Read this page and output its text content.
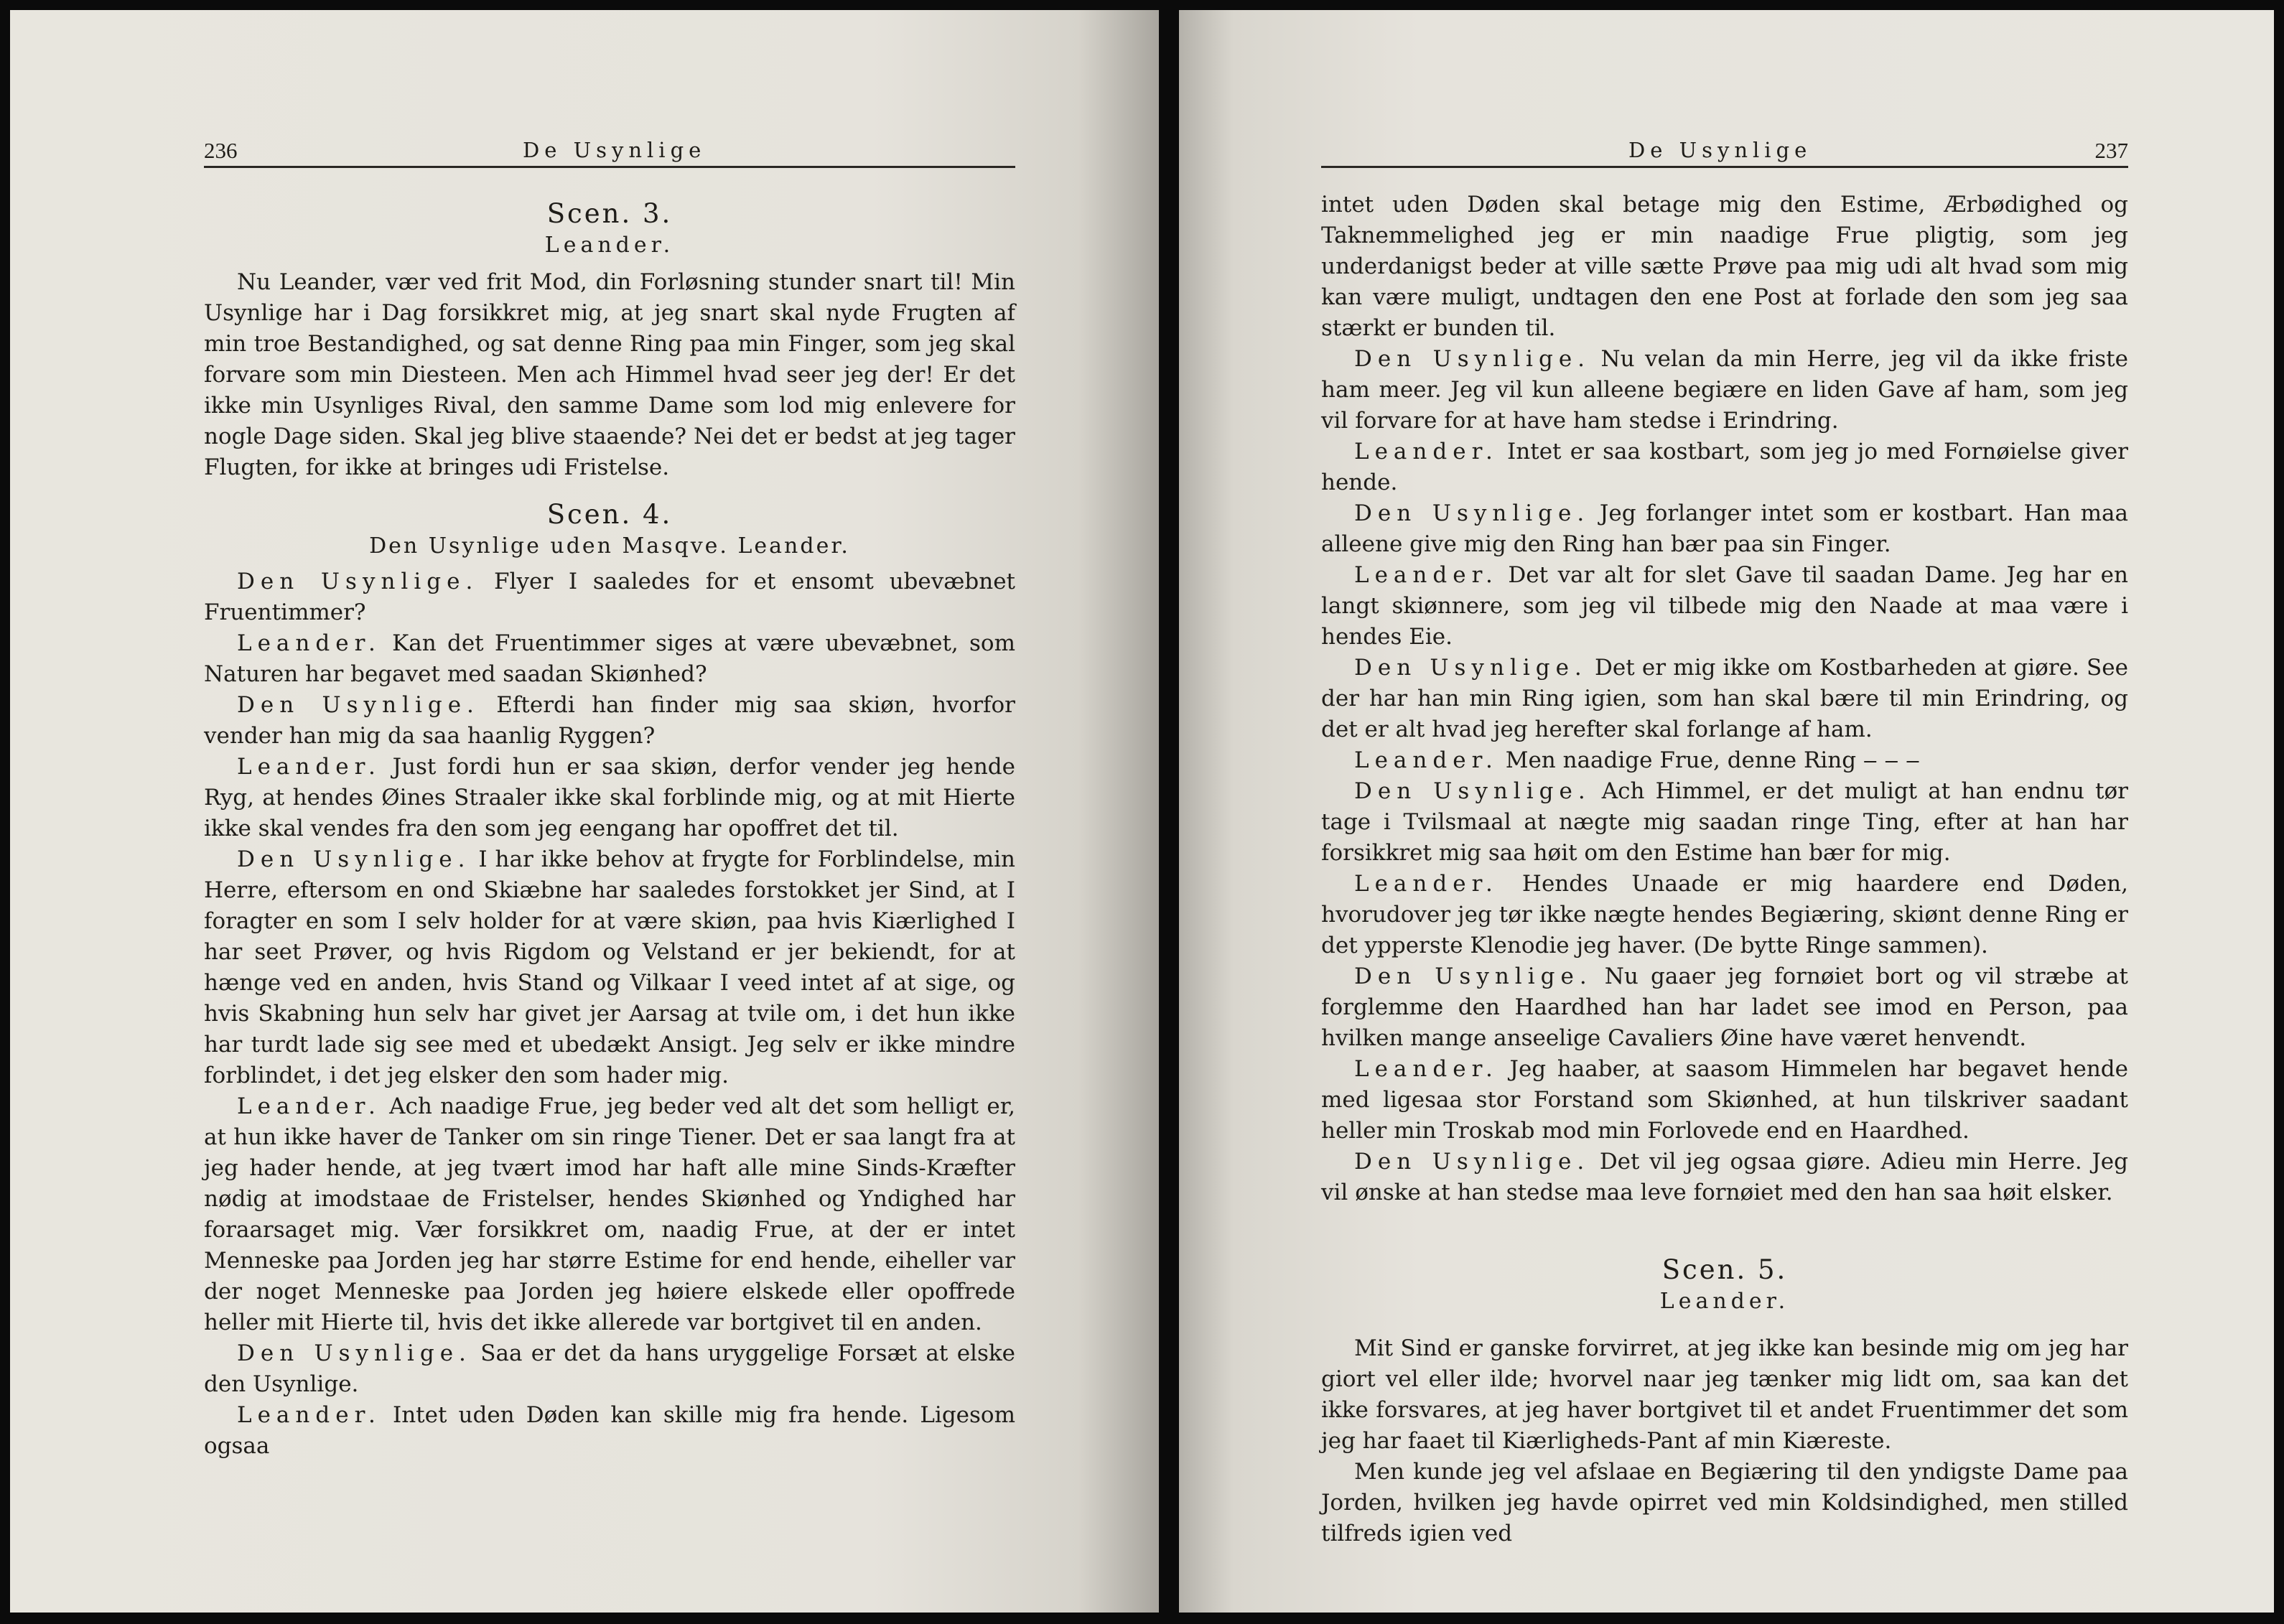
236	De Usynlige
Scen. 3.
Leander.

Nu Leander, vær ved frit Mod, din Forløsning stunder snart til! Min Usynlige har i Dag forsikkret mig, at jeg snart skal nyde Frugten af min troe Bestandighed, og sat denne Ring paa min Finger, som jeg skal forvare som min Diesteen. Men ach Himmel hvad seer jeg der! Er det ikke min Usynliges Rival, den samme Dame som lod mig enlevere for nogle Dage siden. Skal jeg blive staaende? Nei det er bedst at jeg tager Flugten, for ikke at bringes udi Fristelse.

Scen. 4.
Den Usynlige uden Masqve. Leander.

Den Usynlige. Flyer I saaledes for et ensomt ubevæbnet Fruentimmer?

Leander. Kan det Fruentimmer siges at være ubevæbnet, som Naturen har begavet med saadan Skiønhed?

Den Usynlige. Efterdi han finder mig saa skiøn, hvorfor vender han mig da saa haanlig Ryggen?

Leander. Just fordi hun er saa skiøn, derfor vender jeg hende Ryg, at hendes Øines Straaler ikke skal forblinde mig, og at mit Hierte ikke skal vendes fra den som jeg eengang har opoffret det til.

Den Usynlige. I har ikke behov at frygte for Forblindelse, min Herre, eftersom en ond Skiæbne har saaledes forstokket jer Sind, at I foragter en som I selv holder for at være skiøn, paa hvis Kiærlighed I har seet Prøver, og hvis Rigdom og Velstand er jer bekiendt, for at hænge ved en anden, hvis Stand og Vilkaar I veed intet af at sige, og hvis Skabning hun selv har givet jer Aarsag at tvile om, i det hun ikke har turdt lade sig see med et ubedækt Ansigt. Jeg selv er ikke mindre forblindet, i det jeg elsker den som hader mig.

Leander. Ach naadige Frue, jeg beder ved alt det som helligt er, at hun ikke haver de Tanker om sin ringe Tiener. Det er saa langt fra at jeg hader hende, at jeg tvært imod har haft alle mine Sinds-Kræfter nødig at imodstaae de Fristelser, hendes Skiønhed og Yndighed har foraarsaget mig. Vær forsikkret om, naadig Frue, at der er intet Menneske paa Jorden jeg har større Estime for end hende, eiheller var der noget Menneske paa Jorden jeg høiere elskede eller opoffrede heller mit Hierte til, hvis det ikke allerede var bortgivet til en anden.

Den Usynlige. Saa er det da hans uryggelige Forsæt at elske den Usynlige.

Leander. Intet uden Døden kan skille mig fra hende. Ligesom ogsaa

De Usynlige	237

intet uden Døden skal betage mig den Estime, Ærbødighed og Taknemmelighed jeg er min naadige Frue pligtig, som jeg underdanigst beder at ville sætte Prøve paa mig udi alt hvad som mig kan være muligt, undtagen den ene Post at forlade den som jeg saa stærkt er bunden til.

Den Usynlige. Nu velan da min Herre, jeg vil da ikke friste ham meer. Jeg vil kun alleene begiære en liden Gave af ham, som jeg vil forvare for at have ham stedse i Erindring.

Leander. Intet er saa kostbart, som jeg jo med Fornøielse giver hende.

Den Usynlige. Jeg forlanger intet som er kostbart. Han maa alleene give mig den Ring han bær paa sin Finger.

Leander. Det var alt for slet Gave til saadan Dame. Jeg har en langt skiønnere, som jeg vil tilbede mig den Naade at maa være i hendes Eie.

Den Usynlige. Det er mig ikke om Kostbarheden at giøre. See der har han min Ring igien, som han skal bære til min Erindring, og det er alt hvad jeg herefter skal forlange af ham.

Leander. Men naadige Frue, denne Ring ‒ ‒ ‒

Den Usynlige. Ach Himmel, er det muligt at han endnu tør tage i Tvilsmaal at nægte mig saadan ringe Ting, efter at han har forsikkret mig saa høit om den Estime han bær for mig.

Leander. Hendes Unaade er mig haardere end Døden, hvorudover jeg tør ikke nægte hendes Begiæring, skiønt denne Ring er det ypperste Klenodie jeg haver. (De bytte Ringe sammen).

Den Usynlige. Nu gaaer jeg fornøiet bort og vil stræbe at forglemme den Haardhed han har ladet see imod en Person, paa hvilken mange anseelige Cavaliers Øine have været henvendt.

Leander. Jeg haaber, at saasom Himmelen har begavet hende med ligesaa stor Forstand som Skiønhed, at hun tilskriver saadant heller min Troskab mod min Forlovede end en Haardhed.

Den Usynlige. Det vil jeg ogsaa giøre. Adieu min Herre. Jeg vil ønske at han stedse maa leve fornøiet med den han saa høit elsker.

Scen. 5.
Leander.

Mit Sind er ganske forvirret, at jeg ikke kan besinde mig om jeg har giort vel eller ilde; hvorvel naar jeg tænker mig lidt om, saa kan det ikke forsvares, at jeg haver bortgivet til et andet Fruentimmer det som jeg har faaet til Kiærligheds-Pant af min Kiæreste.

Men kunde jeg vel afslaae en Begiæring til den yndigste Dame paa Jorden, hvilken jeg havde opirret ved min Koldsindighed, men stilled tilfreds igien ved
